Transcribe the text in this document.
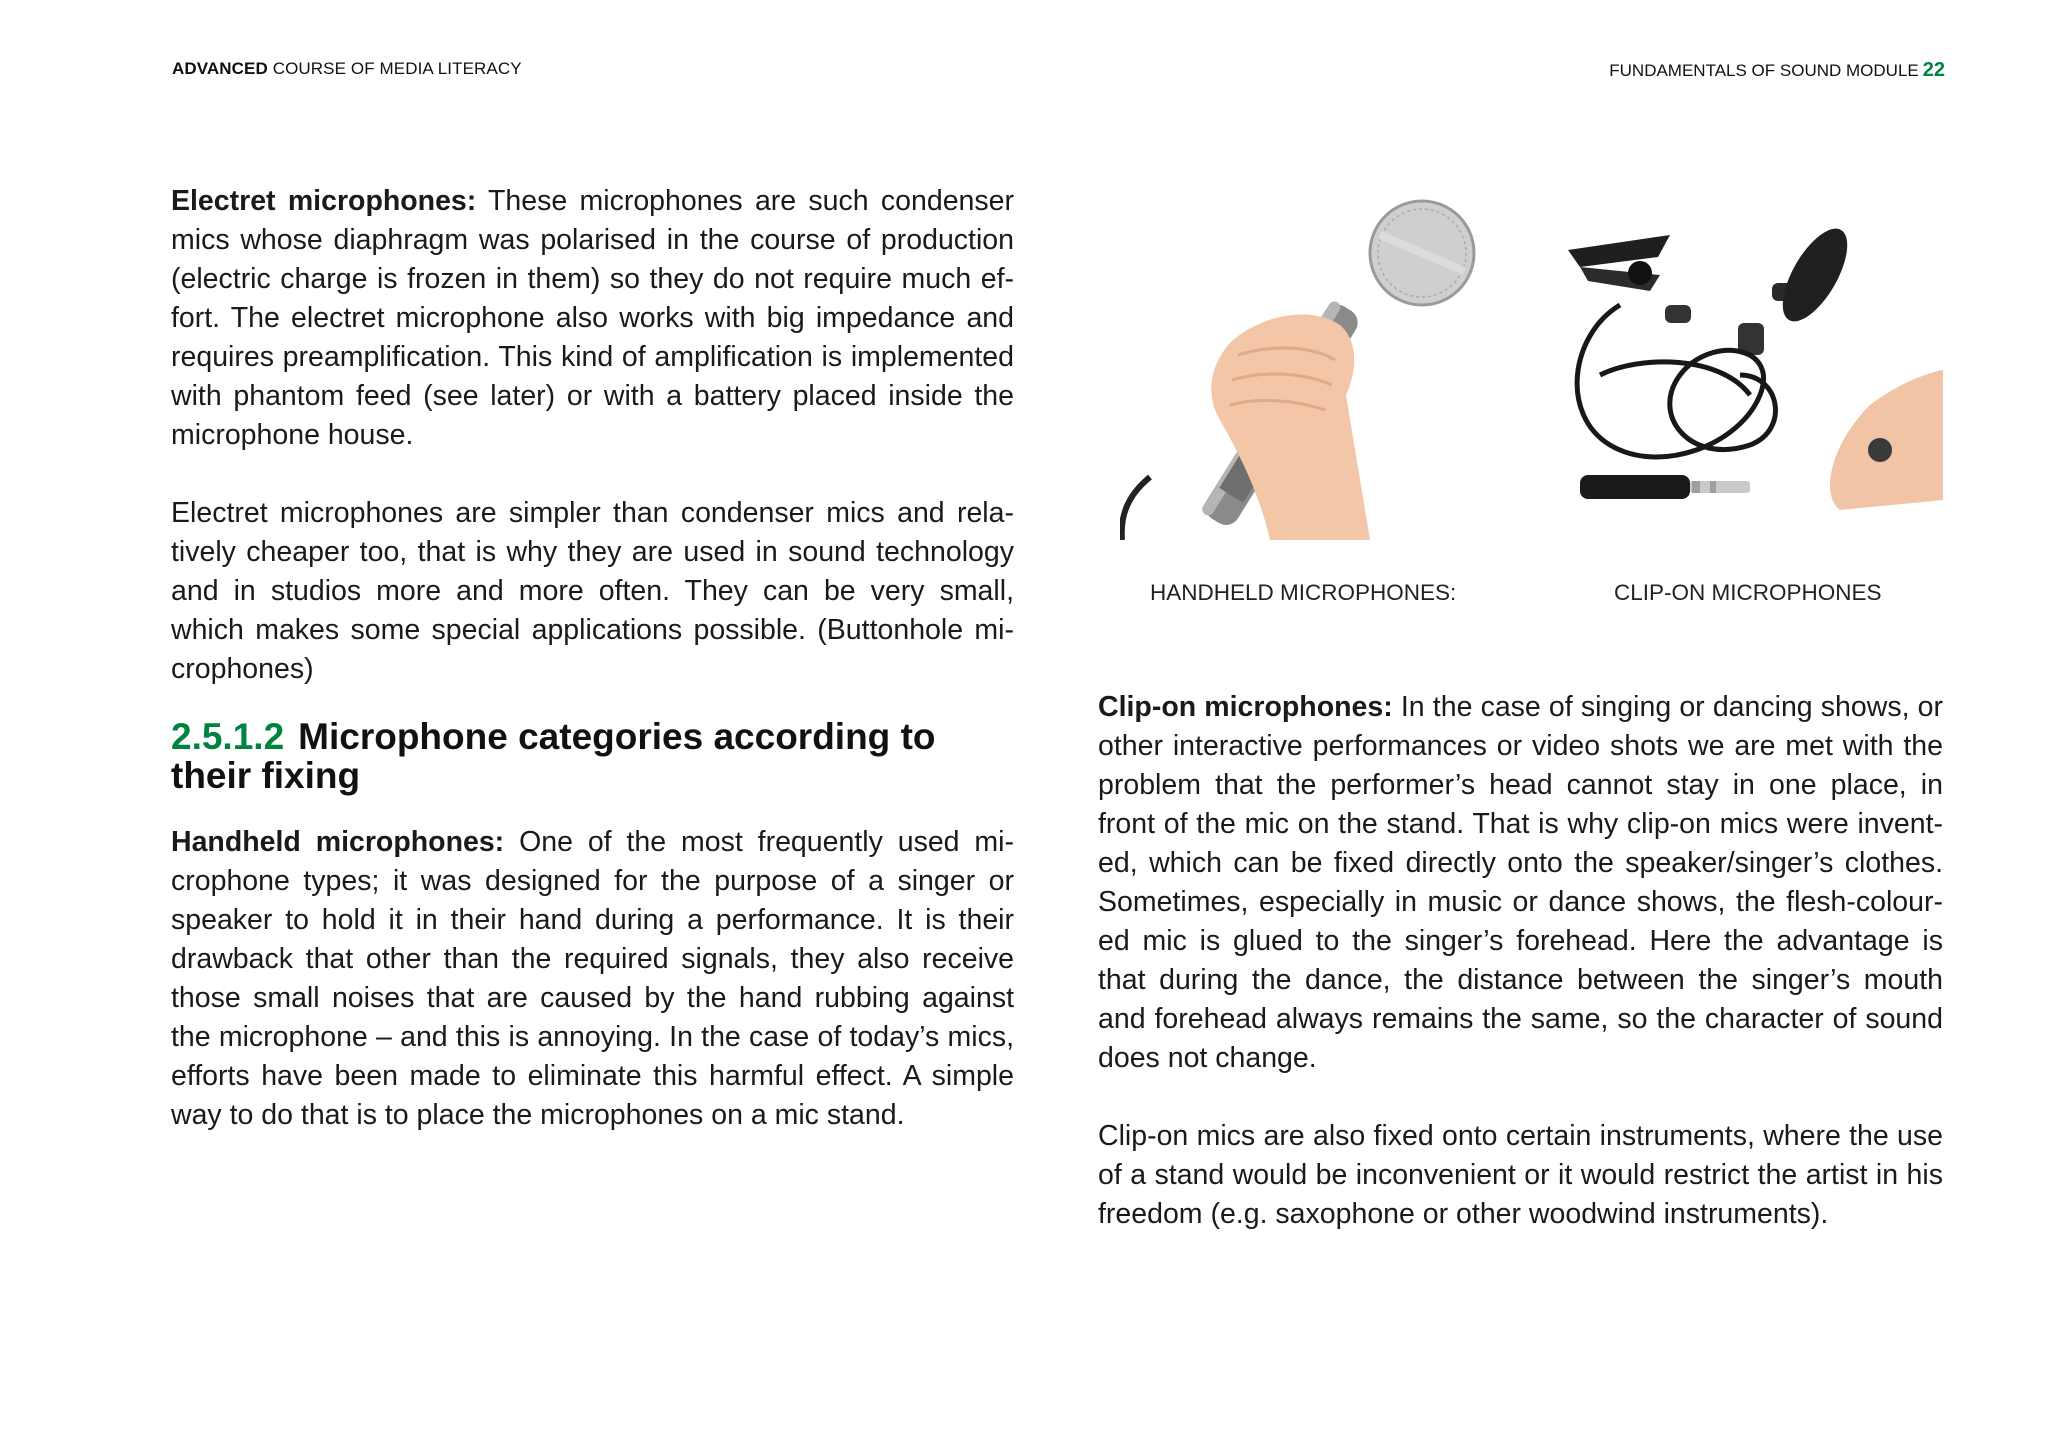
ADVANCED COURSE OF MEDIA LITERACY	FUNDAMENTALS OF SOUND MODULE 22

Electret microphones: These microphones are such condenser mics whose diaphragm was polarised in the course of production (electric charge is frozen in them) so they do not require much effort. The electret microphone also works with big impedance and requires preamplification. This kind of amplification is implemented with phantom feed (see later) or with a battery placed inside the microphone house.

Electret microphones are simpler than condenser mics and relatively cheaper too, that is why they are used in sound technology and in studios more and more often. They can be very small, which makes some special applications possible. (Buttonhole microphones)

2.5.1.2 Microphone categories according to their fixing

Handheld microphones: One of the most frequently used microphone types; it was designed for the purpose of a singer or speaker to hold it in their hand during a performance. It is their drawback that other than the required signals, they also receive those small noises that are caused by the hand rubbing against the microphone – and this is annoying. In the case of today’s mics, efforts have been made to eliminate this harmful effect. A simple way to do that is to place the microphones on a mic stand.

HANDHELD MICROPHONES:	CLIP-ON MICROPHONES

Clip-on microphones: In the case of singing or dancing shows, or other interactive performances or video shots we are met with the problem that the performer’s head cannot stay in one place, in front of the mic on the stand. That is why clip-on mics were invented, which can be fixed directly onto the speaker/singer’s clothes. Sometimes, especially in music or dance shows, the flesh-coloured mic is glued to the singer’s forehead. Here the advantage is that during the dance, the distance between the singer’s mouth and forehead always remains the same, so the character of sound does not change.

Clip-on mics are also fixed onto certain instruments, where the use of a stand would be inconvenient or it would restrict the artist in his freedom (e.g. saxophone or other woodwind instruments).
